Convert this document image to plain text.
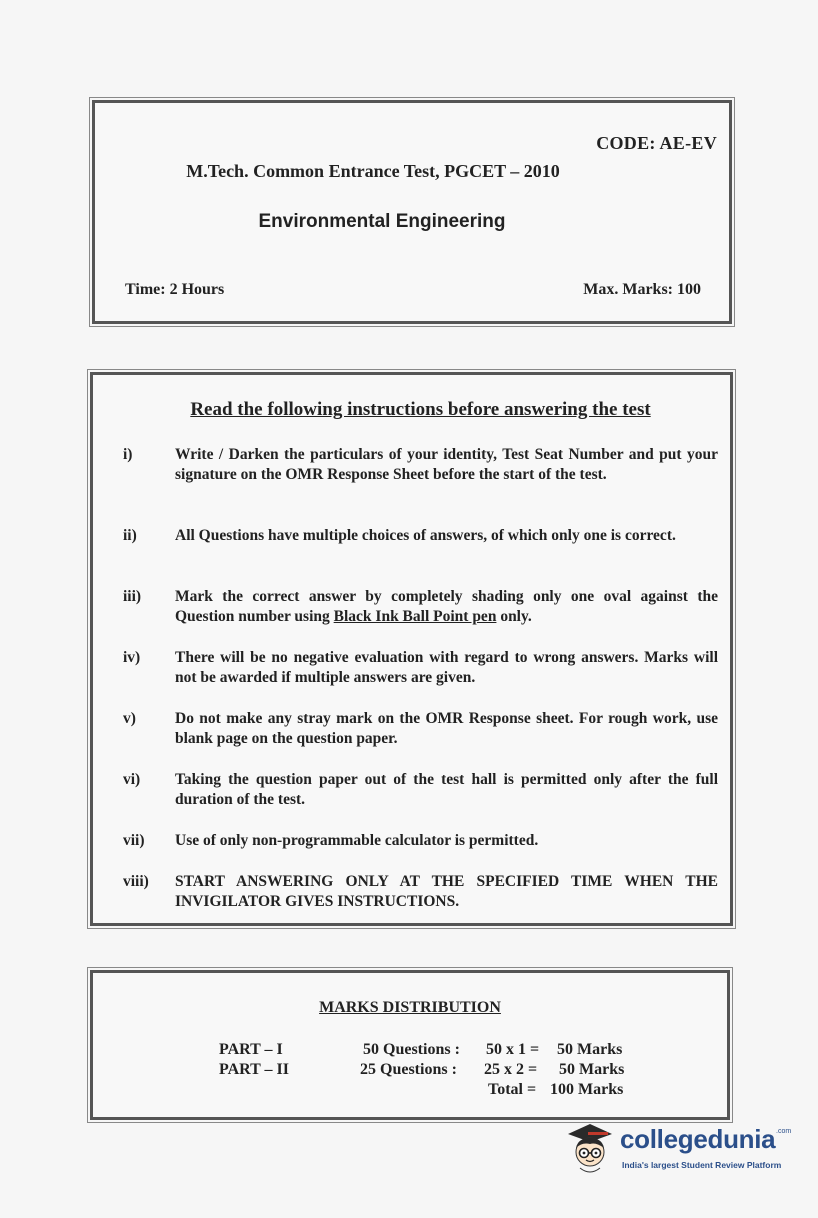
CODE: AE-EV
M.Tech. Common Entrance Test, PGCET – 2010
Environmental Engineering
Time: 2 Hours	Max. Marks: 100
Read the following instructions before answering the test
i)	Write / Darken the particulars of your identity, Test Seat Number and put your signature on the OMR Response Sheet before the start of the test.
ii)	All Questions have multiple choices of answers, of which only one is correct.
iii)	Mark the correct answer by completely shading only one oval against the Question number using Black Ink Ball Point pen only.
iv)	There will be no negative evaluation with regard to wrong answers. Marks will not be awarded if multiple answers are given.
v)	Do not make any stray mark on the OMR Response sheet. For rough work, use blank page on the question paper.
vi)	Taking the question paper out of the test hall is permitted only after the full duration of the test.
vii)	Use of only non-programmable calculator is permitted.
viii)	START ANSWERING ONLY AT THE SPECIFIED TIME WHEN THE INVIGILATOR GIVES INSTRUCTIONS.
MARKS DISTRIBUTION
PART – I	50 Questions : 50 x 1 = 50 Marks
PART – II	25 Questions : 25 x 2 = 50 Marks
Total = 100 Marks
collegedunia .com
India's largest Student Review Platform
